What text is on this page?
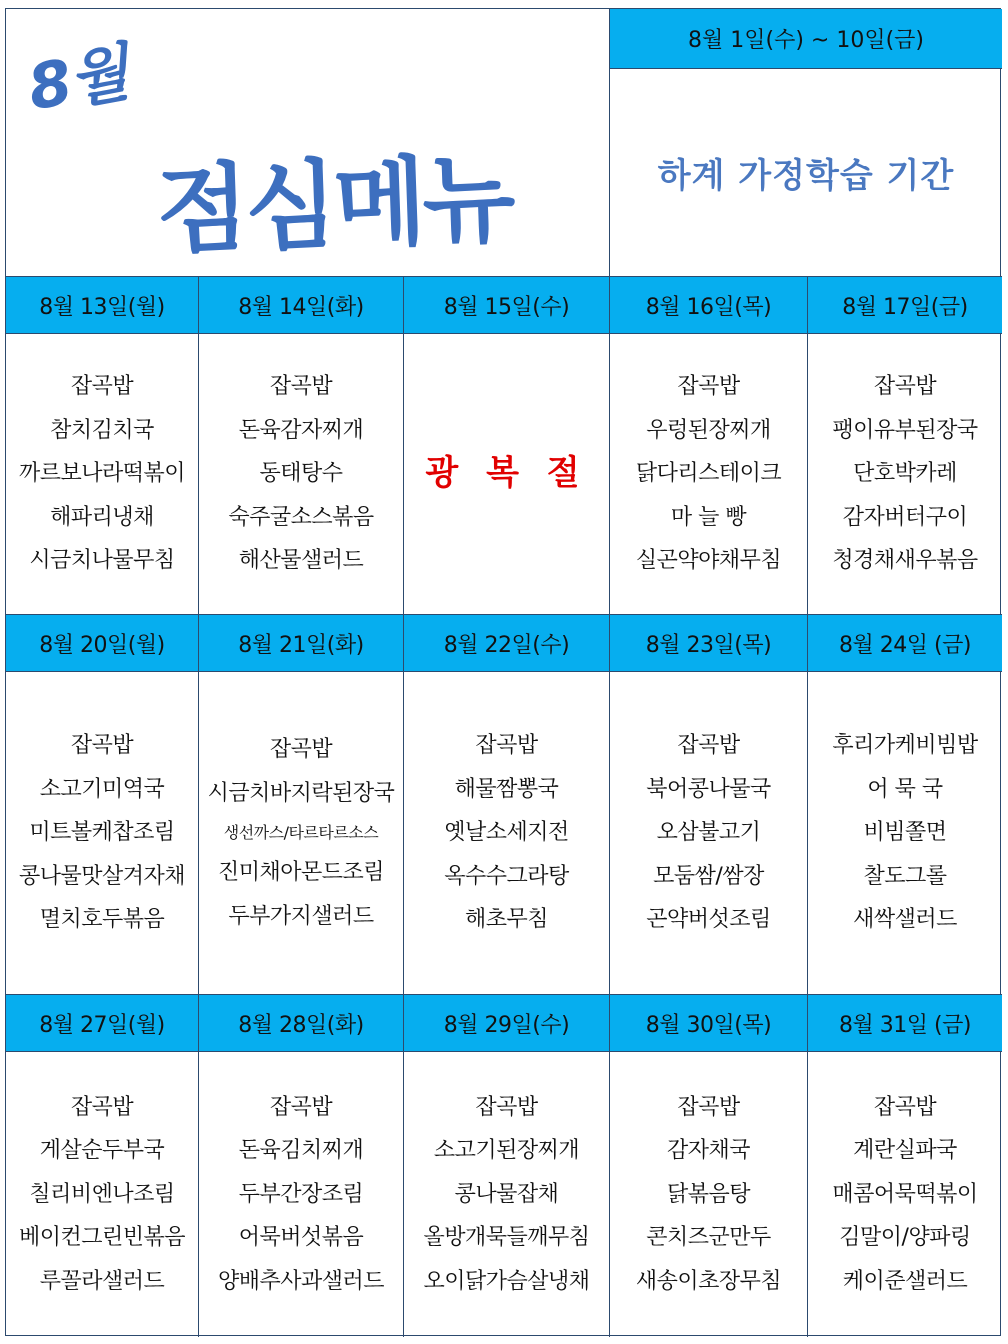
8월
점심메뉴
8월 1일(수) ~ 10일(금)
하계 가정학습 기간
8월 13일(월)
잡곡밥
참치김치국
까르보나라떡볶이
해파리냉채
시금치나물무침
8월 14일(화)
잡곡밥
돈육감자찌개
동태탕수
숙주굴소스볶음
해산물샐러드
8월 15일(수)
광 복 절
8월 16일(목)
잡곡밥
우렁된장찌개
닭다리스테이크
마 늘 빵
실곤약야채무침
8월 17일(금)
잡곡밥
팽이유부된장국
단호박카레
감자버터구이
청경채새우볶음
8월 20일(월)
잡곡밥
소고기미역국
미트볼케찹조림
콩나물맛살겨자채
멸치호두볶음
8월 21일(화)
잡곡밥
시금치바지락된장국
생선까스/타르타르소스
진미채아몬드조림
두부가지샐러드
8월 22일(수)
잡곡밥
해물짬뽕국
옛날소세지전
옥수수그라탕
해초무침
8월 23일(목)
잡곡밥
북어콩나물국
오삼불고기
모둠쌈/쌈장
곤약버섯조림
8월 24일 (금)
후리가케비빔밥
어 묵 국
비빔쫄면
찰도그롤
새싹샐러드
8월 27일(월)
잡곡밥
게살순두부국
칠리비엔나조림
베이컨그린빈볶음
루꼴라샐러드
8월 28일(화)
잡곡밥
돈육김치찌개
두부간장조림
어묵버섯볶음
양배추사과샐러드
8월 29일(수)
잡곡밥
소고기된장찌개
콩나물잡채
올방개묵들깨무침
오이닭가슴살냉채
8월 30일(목)
잡곡밥
감자채국
닭볶음탕
콘치즈군만두
새송이초장무침
8월 31일 (금)
잡곡밥
계란실파국
매콤어묵떡볶이
김말이/양파링
케이준샐러드
